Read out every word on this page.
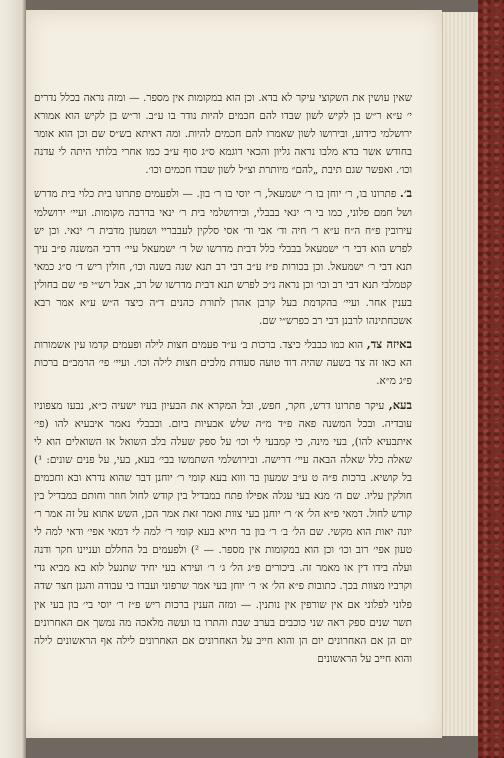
שאין עושין את השקוצי עיקר לא בדא. וכן הוא במקומות אין מספר. — ומזה נראה בכלל נדרים י׳ ע״א ר״ש בן לקיש לשון שבדו להם חכמים להיות נודר בו ע״ב. ור״ש בן לקיש הוא אמורא ירושלמי כידוע, ובירושו לשון שאמרו להם חכמים להיות. ומה דאיתא בש״ס שם וכן הוא אומר בחודש אשר בדא מלבו נראה גליון והכאי דוגמא ס״ג סוף ע״ב כמו אחרי בלותי היתה לי עדנה וכו׳. ואפשר שגם תיבת „להם״ מיותרת וצ״ל לשון שבדו חכמים וכו׳.

ב׳. פתרונו בו, ר׳ יוחן בו ר׳ ישמעאל, ר׳ יוסי בו ר׳ בון. — ולפעמים פתרונו בית כלוי בית מדרש ושל חמם פלוני, כמו בי ר׳ ינאי בבבלי, ובירושלמי בית ר׳ ינאי בדרבה מקומות. ועיי׳ ירושלמי עירובין פ״ח ה״ח ע״א ר׳ חיה וד׳ אבי וד׳ אסי סלקין לעבבריי ושמעון מדבית ר׳ ינאי. וכן יש לפרש הוא דבי ר׳ ישמעאל בבבלי כלל דבית מדרשו של ר׳ ישמעאל עיי׳ דרבי המשנה פ״ב עיך תנא דבי ר׳ ישמעאל. וכן בכורות פ״ז ע״ב דבי רב תנא שנה בשנה וכו׳, חולין ריש ד׳ ס״ג כמאי קטמלבי תנא דבי רב וכו׳ וכן נראה נ״כ לפרש תנא דבית מדרשו של רב, אבל רש״י פ״ שם בחולין בענין אחר. ועיי׳ בהקדמת בעל קרבן אהרן לתורת כהנים ד״ה כיצד ה״ש ע״א אמר רבא אשכחתינהו לרבנן דבי רב כפרש״י שם.

באיזה צד, הוא כמו כבבלי כיצד. ברכות ב׳ ע״ד פעמים חצות לילה ופעמים קדמו עין אשמורות הא כאו זה צד בשעה שהיה דוד טועה סעודת מלכים חצות לילה וכו׳. ועיי׳ פי׳ הרמב״ם ברכות פ״ג מ״א.

בעא, עיקר פתרונו דרש, חקר, חפש, ובל המקרא את הבעיון בעיו ישעיה כ״א, נבעו מצפוניו עובדיה. ובכל המשנה פאה פ״ד מ״ה שלש אבעיות ביום. ובבבלי נאמר איבעיא להו (פי׳ איתבעיא להו), בעי מינה, כי קמבעי לי וכו׳ על ספק שעלה בלב השואל או השואלים הוא לי שאלה כלל שאלה הבאה עיי׳ דרישה. ובירושלמי השתמשו בבי׳ בעא, בעי, על פנים שונים: ¹) בל קושיא. ברכות פ״ה ט ע״ב שמעון בר וווא בעא קומי ר׳ יוחנן דבר שהוא נדרא ובא וחכמים חולקין עליו. שם ה׳ מנא בעי עגלה אפילו פתח במבדיל בין קודש לחול חוזר וחותם במבדיל בין קודש לחול. דמאי פ״א הל׳ א׳ ר׳ יוחנן בעי צוות ואמר זאת אמר הכן, השש אתוא על זה אמר ר׳ יונה יאות הוא מקשי. שם הל׳ ב׳ ר׳ בון בר חייא בעא קומי ר׳ למה לי דמאי אפי׳ ודאי למה לי טעון אפי׳ רוב וכו׳ וכן הוא במקומות אין מספר. — ²) ולפעמים בל החללם ועניינו חקר ודנה ועלה בידו דין או מאמר זה. ביכורים פ״ג הל׳ ג׳ ר׳ ועירא בעי יחיד שתנעל לוא בא מביא גדי וקרביו מצוות בכך. כתובות פ״א הל׳ א׳ ר׳ יוחן בעי אמר שרפוני ועבדו בי עבודה והגנן חצר שדה פלוני לפלוני אם אין שורפין אין נותנין. — ומזה הענין ברכות ריש פ״ז ר׳ יוסי בי׳ בון בעי אין תשר שנים ספק ראה שני כוכבים בערב שבת והתרו בו ועשה מלאכה מה נמשך אם האחרונים יום הן אם האחרונים יום הן והוא חייב על האחרונים אם האחרונים לילה אף הראשונים לילה והוא חייב על הראשונים
